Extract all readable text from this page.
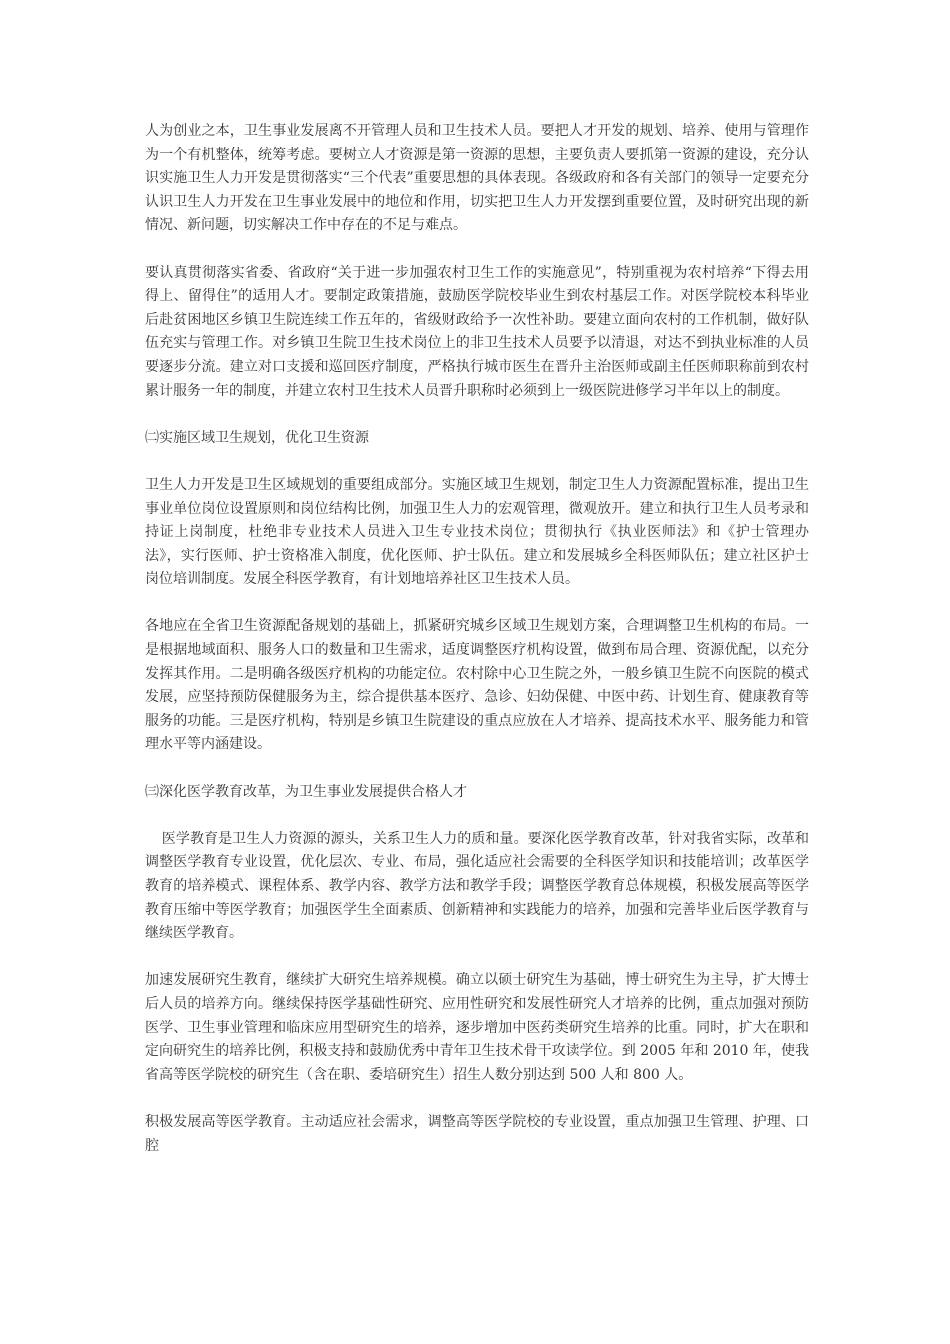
人为创业之本，卫生事业发展离不开管理人员和卫生技术人员。要把人才开发的规划、培养、使用与管理作为一个有机整体，统筹考虑。要树立人才资源是第一资源的思想，主要负责人要抓第一资源的建设，充分认识实施卫生人力开发是贯彻落实“三个代表”重要思想的具体表现。各级政府和各有关部门的领导一定要充分认识卫生人力开发在卫生事业发展中的地位和作用，切实把卫生人力开发摆到重要位置，及时研究出现的新情况、新问题，切实解决工作中存在的不足与难点。

要认真贯彻落实省委、省政府“关于进一步加强农村卫生工作的实施意见”，特别重视为农村培养“下得去用得上、留得住”的适用人才。要制定政策措施，鼓励医学院校毕业生到农村基层工作。对医学院校本科毕业后赴贫困地区乡镇卫生院连续工作五年的，省级财政给予一次性补助。要建立面向农村的工作机制，做好队伍充实与管理工作。对乡镇卫生院卫生技术岗位上的非卫生技术人员要予以清退，对达不到执业标准的人员要逐步分流。建立对口支援和巡回医疗制度，严格执行城市医生在晋升主治医师或副主任医师职称前到农村累计服务一年的制度，并建立农村卫生技术人员晋升职称时必须到上一级医院进修学习半年以上的制度。

㈡实施区域卫生规划，优化卫生资源

卫生人力开发是卫生区域规划的重要组成部分。实施区域卫生规划，制定卫生人力资源配置标准，提出卫生事业单位岗位设置原则和岗位结构比例，加强卫生人力的宏观管理，微观放开。建立和执行卫生人员考录和持证上岗制度，杜绝非专业技术人员进入卫生专业技术岗位；贯彻执行《执业医师法》和《护士管理办法》，实行医师、护士资格准入制度，优化医师、护士队伍。建立和发展城乡全科医师队伍；建立社区护士岗位培训制度。发展全科医学教育，有计划地培养社区卫生技术人员。

各地应在全省卫生资源配备规划的基础上，抓紧研究城乡区域卫生规划方案，合理调整卫生机构的布局。一是根据地域面积、服务人口的数量和卫生需求，适度调整医疗机构设置，做到布局合理、资源优配，以充分发挥其作用。二是明确各级医疗机构的功能定位。农村除中心卫生院之外，一般乡镇卫生院不向医院的模式发展，应坚持预防保健服务为主，综合提供基本医疗、急诊、妇幼保健、中医中药、计划生育、健康教育等服务的功能。三是医疗机构，特别是乡镇卫生院建设的重点应放在人才培养、提高技术水平、服务能力和管理水平等内涵建设。

㈢深化医学教育改革，为卫生事业发展提供合格人才

医学教育是卫生人力资源的源头，关系卫生人力的质和量。要深化医学教育改革，针对我省实际，改革和调整医学教育专业设置，优化层次、专业、布局，强化适应社会需要的全科医学知识和技能培训；改革医学教育的培养模式、课程体系、教学内容、教学方法和教学手段；调整医学教育总体规模，积极发展高等医学教育压缩中等医学教育；加强医学生全面素质、创新精神和实践能力的培养，加强和完善毕业后医学教育与继续医学教育。

加速发展研究生教育，继续扩大研究生培养规模。确立以硕士研究生为基础，博士研究生为主导，扩大博士后人员的培养方向。继续保持医学基础性研究、应用性研究和发展性研究人才培养的比例，重点加强对预防医学、卫生事业管理和临床应用型研究生的培养，逐步增加中医药类研究生培养的比重。同时，扩大在职和定向研究生的培养比例，积极支持和鼓励优秀中青年卫生技术骨干攻读学位。到 2005 年和 2010 年，使我省高等医学院校的研究生（含在职、委培研究生）招生人数分别达到 500 人和 800 人。

积极发展高等医学教育。主动适应社会需求，调整高等医学院校的专业设置，重点加强卫生管理、护理、口腔
